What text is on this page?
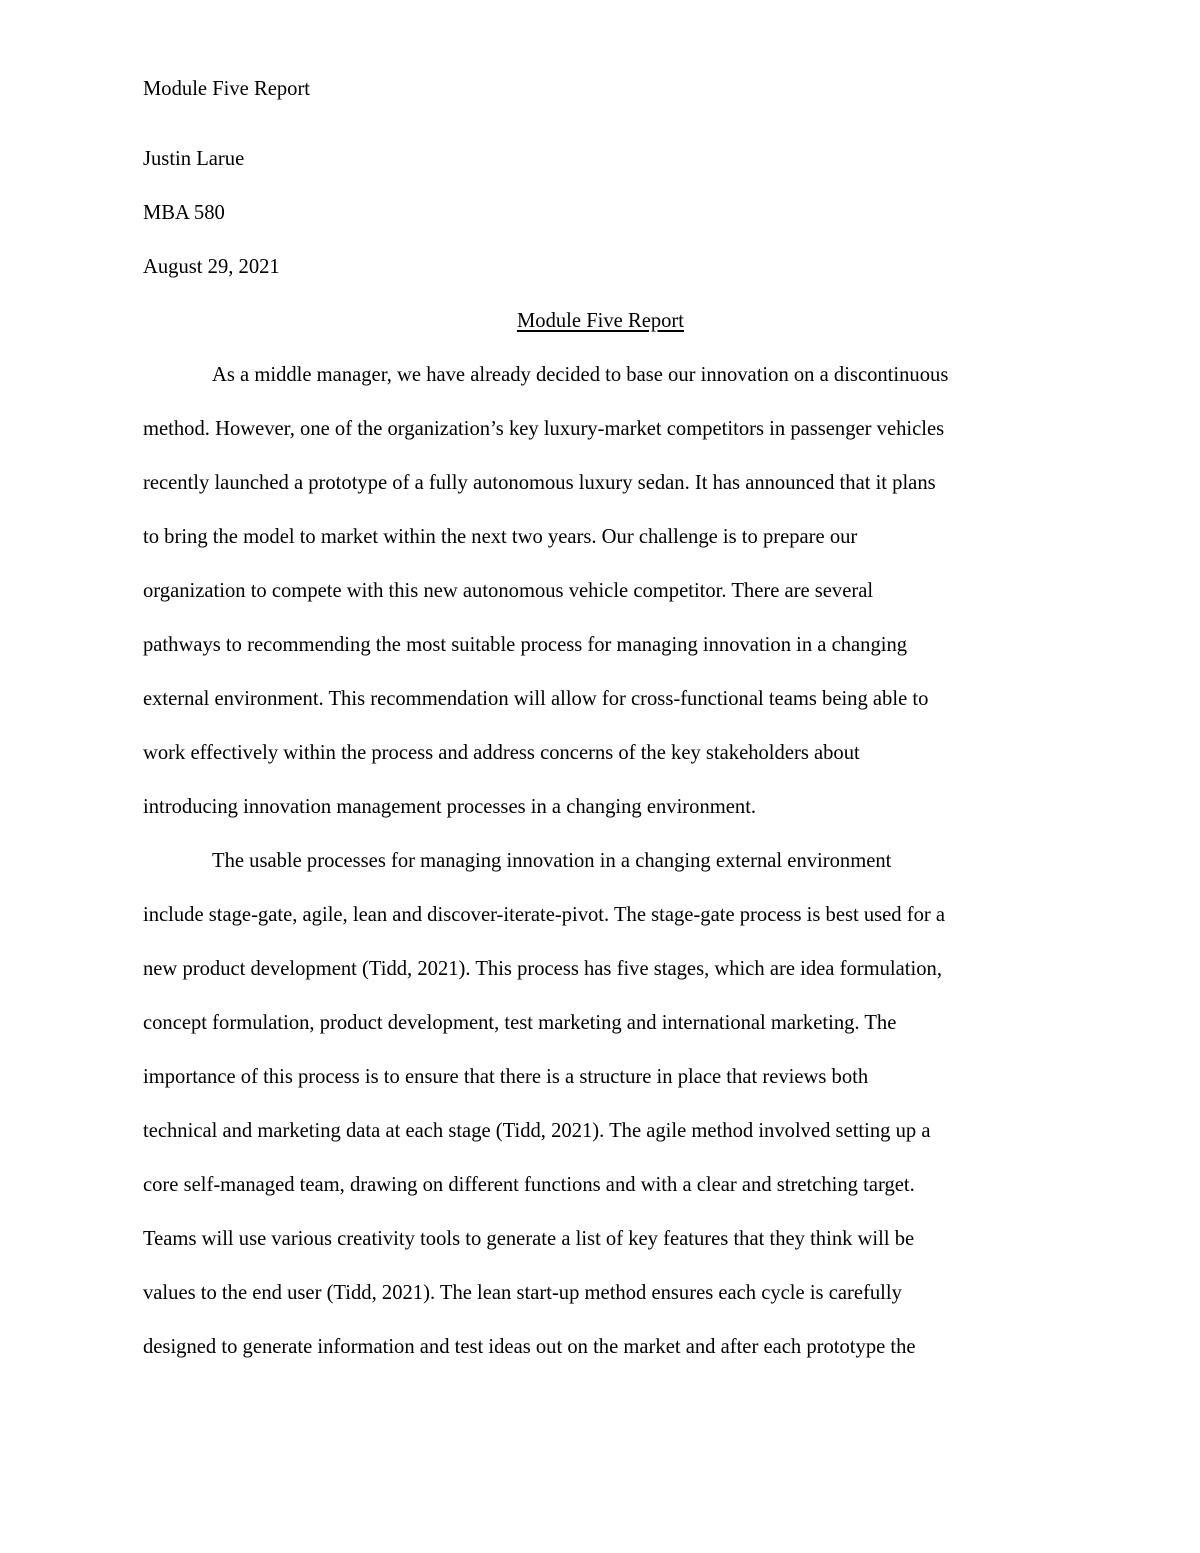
Module Five Report

Justin Larue

MBA 580

August 29, 2021

Module Five Report

As a middle manager, we have already decided to base our innovation on a discontinuous

method. However, one of the organization’s key luxury-market competitors in passenger vehicles

recently launched a prototype of a fully autonomous luxury sedan. It has announced that it plans

to bring the model to market within the next two years. Our challenge is to prepare our

organization to compete with this new autonomous vehicle competitor. There are several

pathways to recommending the most suitable process for managing innovation in a changing

external environment. This recommendation will allow for cross-functional teams being able to

work effectively within the process and address concerns of the key stakeholders about

introducing innovation management processes in a changing environment.

The usable processes for managing innovation in a changing external environment

include stage-gate, agile, lean and discover-iterate-pivot. The stage-gate process is best used for a

new product development (Tidd, 2021). This process has five stages, which are idea formulation,

concept formulation, product development, test marketing and international marketing. The

importance of this process is to ensure that there is a structure in place that reviews both

technical and marketing data at each stage (Tidd, 2021). The agile method involved setting up a

core self-managed team, drawing on different functions and with a clear and stretching target.

Teams will use various creativity tools to generate a list of key features that they think will be

values to the end user (Tidd, 2021). The lean start-up method ensures each cycle is carefully

designed to generate information and test ideas out on the market and after each prototype the
